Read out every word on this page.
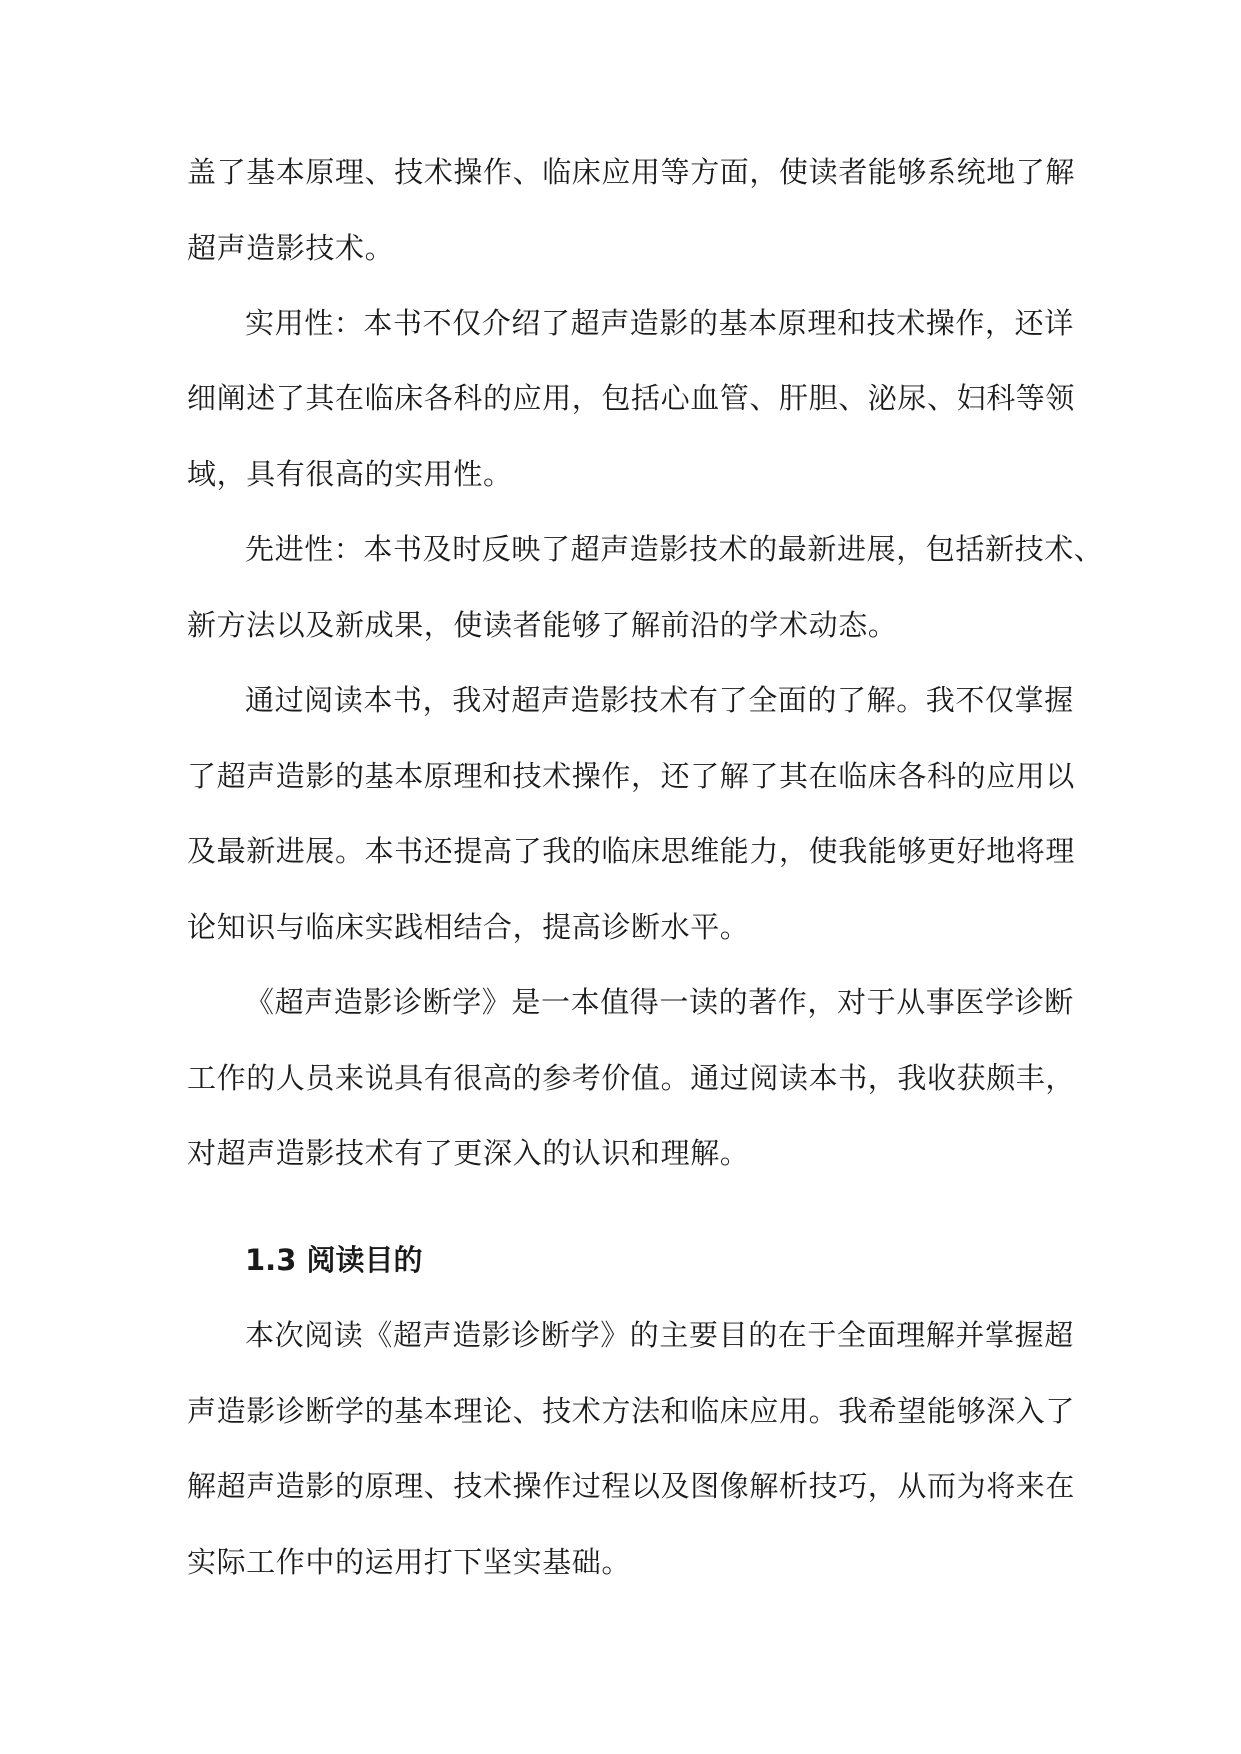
盖了基本原理、技术操作、临床应用等方面，使读者能够系统地了解
超声造影技术。
实用性：本书不仅介绍了超声造影的基本原理和技术操作，还详
细阐述了其在临床各科的应用，包括心血管、肝胆、泌尿、妇科等领
域，具有很高的实用性。
先进性：本书及时反映了超声造影技术的最新进展，包括新技术、
新方法以及新成果，使读者能够了解前沿的学术动态。
通过阅读本书，我对超声造影技术有了全面的了解。我不仅掌握
了超声造影的基本原理和技术操作，还了解了其在临床各科的应用以
及最新进展。本书还提高了我的临床思维能力，使我能够更好地将理
论知识与临床实践相结合，提高诊断水平。
《超声造影诊断学》是一本值得一读的著作，对于从事医学诊断
工作的人员来说具有很高的参考价值。通过阅读本书，我收获颇丰，
对超声造影技术有了更深入的认识和理解。
1.3 阅读目的
本次阅读《超声造影诊断学》的主要目的在于全面理解并掌握超
声造影诊断学的基本理论、技术方法和临床应用。我希望能够深入了
解超声造影的原理、技术操作过程以及图像解析技巧，从而为将来在
实际工作中的运用打下坚实基础。
